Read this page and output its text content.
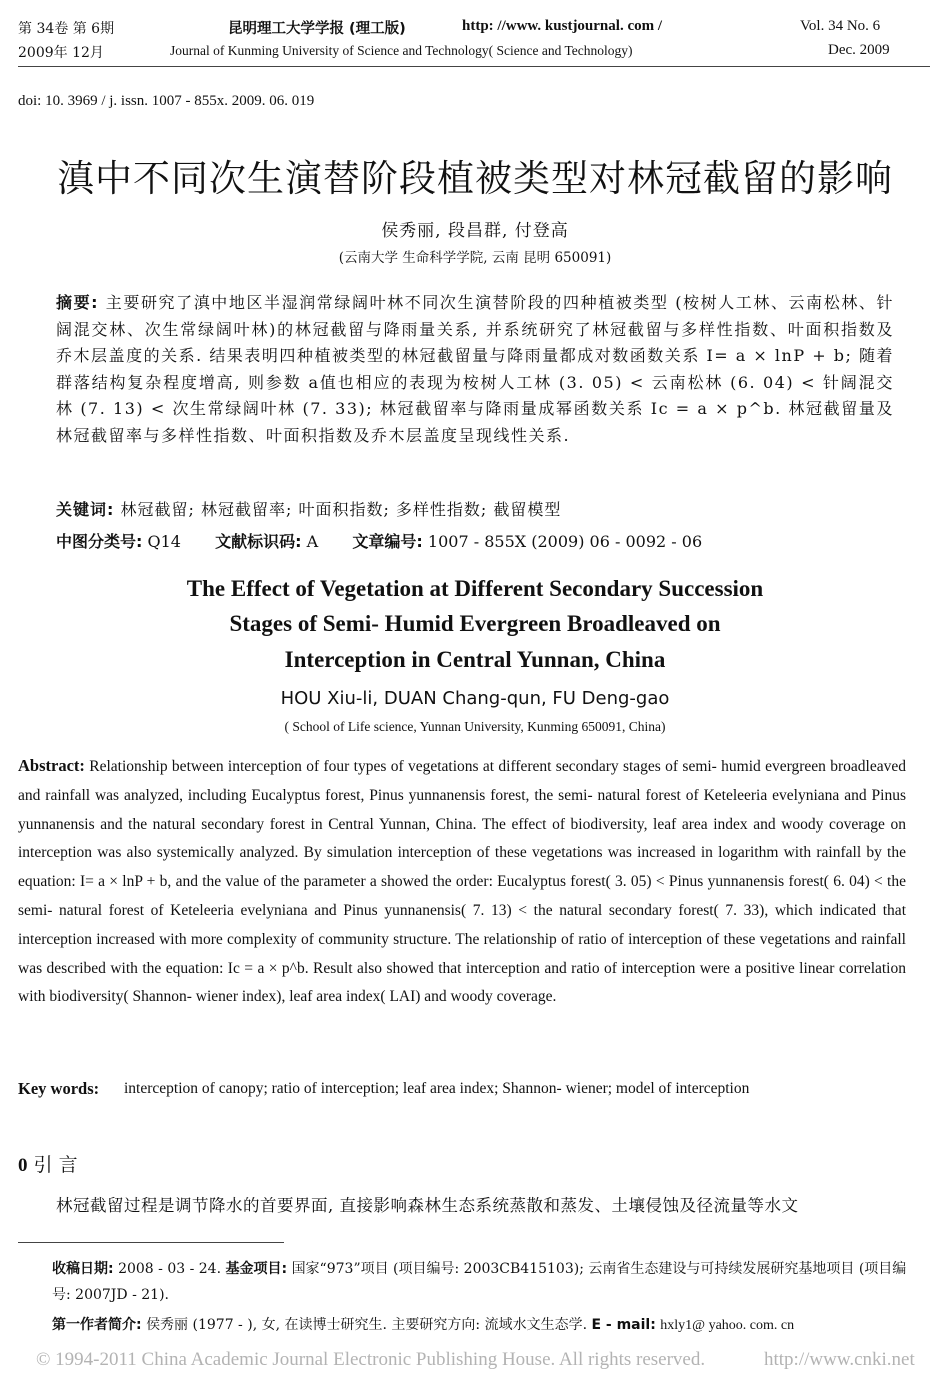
第 34卷 第 6期
2009年 12月
昆明理工大学学报 (理工版)	http: //www. kustjournal. com /
Journal of Kunming University of Science and Technology( Science and Technology)
Vol. 34 No. 6
Dec. 2009
doi: 10. 3969 / j. issn. 1007 - 855x. 2009. 06. 019
滇中不同次生演替阶段植被类型对林冠截留的影响
侯秀丽, 段昌群, 付登高
(云南大学 生命科学学院, 云南 昆明 650091)
摘要: 主要研究了滇中地区半湿润常绿阔叶林不同次生演替阶段的四种植被类型 (桉树人工林、云南松林、针阔混交林、次生常绿阔叶林)的林冠截留与降雨量关系, 并系统研究了林冠截留与多样性指数、叶面积指数及乔木层盖度的关系. 结果表明四种植被类型的林冠截留量与降雨量都成对数函数关系 I= a × lnP + b; 随着群落结构复杂程度增高, 则参数 a值也相应的表现为桉树人工林 (3. 05) < 云南松林 (6. 04) < 针阔混交林 (7. 13) < 次生常绿阔叶林 (7. 33); 林冠截留率与降雨量成幂函数关系 Ic = a × p^b. 林冠截留量及林冠截留率与多样性指数、叶面积指数及乔木层盖度呈现线性关系.
关键词: 林冠截留; 林冠截留率; 叶面积指数; 多样性指数; 截留模型
中图分类号: Q14 文献标识码: A 文章编号: 1007 - 855X (2009) 06 - 0092 - 06
The Effect of Vegetation at Different Secondary Succession
Stages of Semi- Humid Evergreen Broadleaved on
Interception in Central Yunnan, China
HOU Xiu-li, DUAN Chang-qun, FU Deng-gao
( School of Life science, Yunnan University, Kunming 650091, China)
Abstract: Relationship between interception of four types of vegetations at different secondary stages of semi- humid evergreen broadleaved and rainfall was analyzed, including Eucalyptus forest, Pinus yunnanensis forest, the semi- natural forest of Keteleeria evelyniana and Pinus yunnanensis and the natural secondary forest in Central Yunnan, China. The effect of biodiversity, leaf area index and woody coverage on interception was also systemically analyzed. By simulation interception of these vegetations was increased in logarithm with rainfall by the equation: I= a × lnP + b, and the value of the parameter a showed the order: Eucalyptus forest( 3. 05) < Pinus yunnanensis forest( 6. 04) < the semi- natural forest of Keteleeria evelyniana and Pinus yunnanensis( 7. 13) < the natural secondary forest( 7. 33), which indicated that interception increased with more complexity of community structure. The relationship of ratio of interception of these vegetations and rainfall was described with the equation: Ic = a × p^b. Result also showed that interception and ratio of interception were a positive linear correlation with biodiversity( Shannon- wiener index), leaf area index( LAI) and woody coverage.
Key words: interception of canopy; ratio of interception; leaf area index; Shannon- wiener; model of interception
0 引 言
林冠截留过程是调节降水的首要界面, 直接影响森林生态系统蒸散和蒸发、土壤侵蚀及径流量等水文
收稿日期: 2008 - 03 - 24. 基金项目: 国家“973”项目 (项目编号: 2003CB415103); 云南省生态建设与可持续发展研究基地项目 (项目编号: 2007JD - 21).
第一作者简介: 侯秀丽 (1977 - ), 女, 在读博士研究生. 主要研究方向: 流域水文生态学. E - mail: hxly1@ yahoo. com. cn
© 1994-2011 China Academic Journal Electronic Publishing House. All rights reserved.	http://www.cnki.net
